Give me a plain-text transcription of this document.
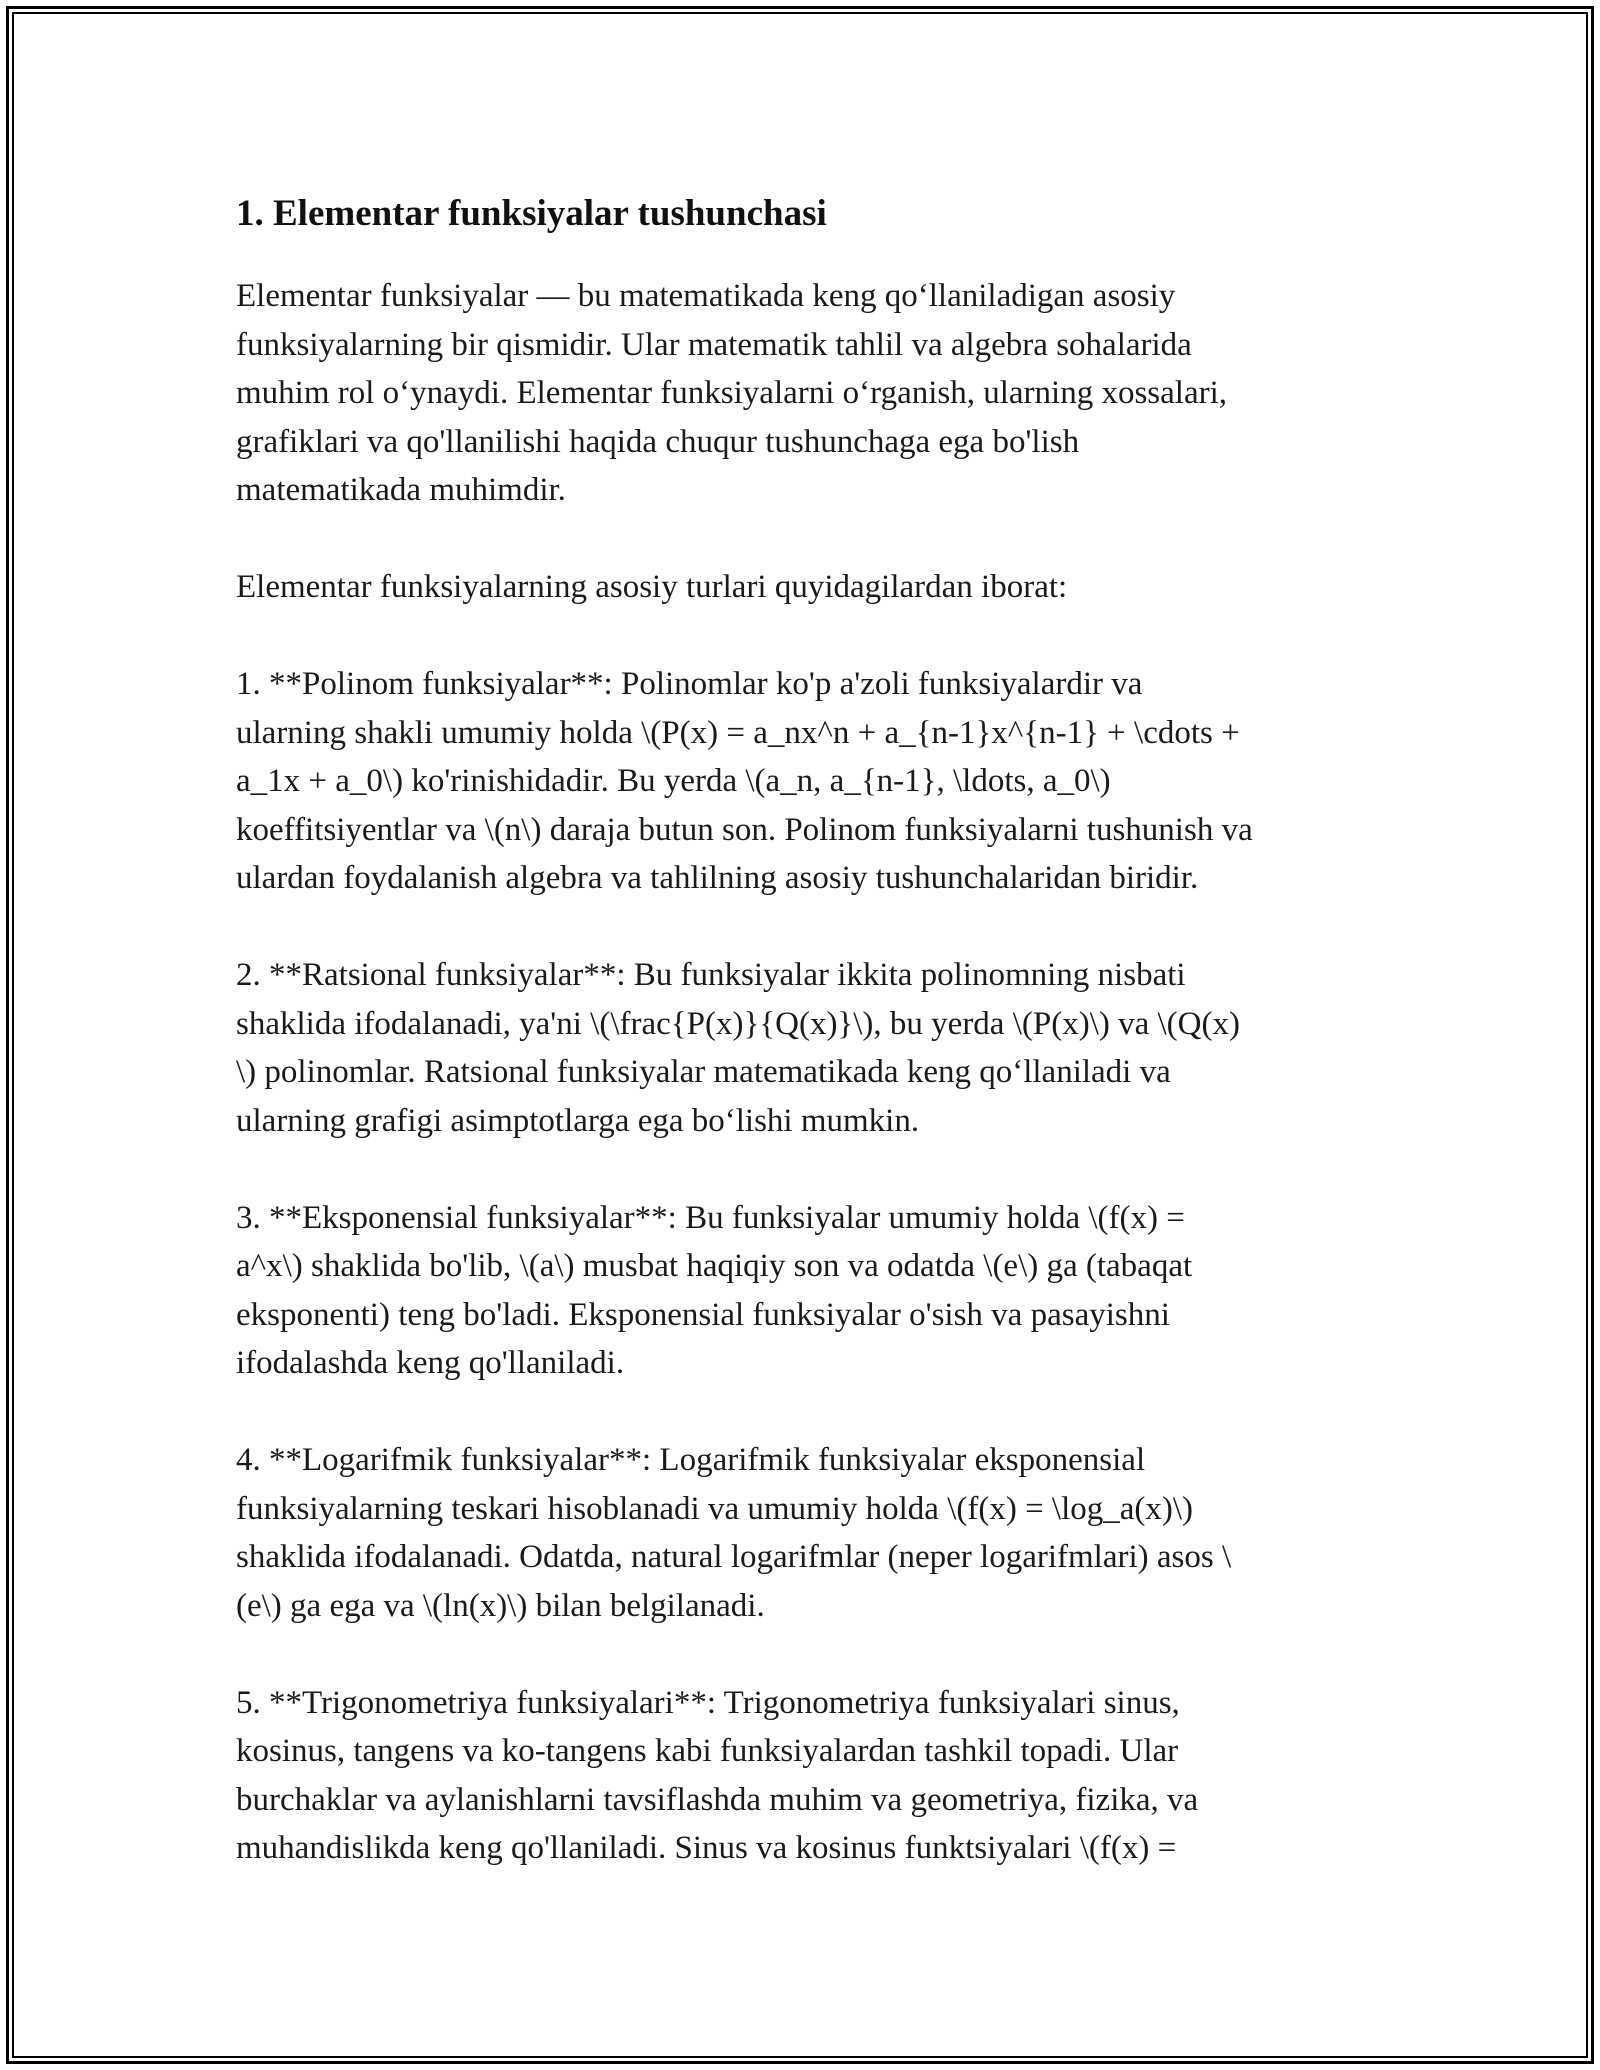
1. Elementar funksiyalar tushunchasi

Elementar funksiyalar — bu matematikada keng qoʻllaniladigan asosiy
funksiyalarning bir qismidir. Ular matematik tahlil va algebra sohalarida
muhim rol oʻynaydi. Elementar funksiyalarni oʻrganish, ularning xossalari,
grafiklari va qo'llanilishi haqida chuqur tushunchaga ega bo'lish
matematikada muhimdir.

Elementar funksiyalarning asosiy turlari quyidagilardan iborat:

1. **Polinom funksiyalar**: Polinomlar ko'p a'zoli funksiyalardir va
ularning shakli umumiy holda \(P(x) = a_nx^n + a_{n-1}x^{n-1} + \cdots +
a_1x + a_0\) ko'rinishidadir. Bu yerda \(a_n, a_{n-1}, \ldots, a_0\)
koeffitsiyentlar va \(n\) daraja butun son. Polinom funksiyalarni tushunish va
ulardan foydalanish algebra va tahlilning asosiy tushunchalaridan biridir.

2. **Ratsional funksiyalar**: Bu funksiyalar ikkita polinomning nisbati
shaklida ifodalanadi, ya'ni \(\frac{P(x)}{Q(x)}\), bu yerda \(P(x)\) va \(Q(x)
\) polinomlar. Ratsional funksiyalar matematikada keng qoʻllaniladi va
ularning grafigi asimptotlarga ega boʻlishi mumkin.

3. **Eksponensial funksiyalar**: Bu funksiyalar umumiy holda \(f(x) =
a^x\) shaklida bo'lib, \(a\) musbat haqiqiy son va odatda \(e\) ga (tabaqat
eksponenti) teng bo'ladi. Eksponensial funksiyalar o'sish va pasayishni
ifodalashda keng qo'llaniladi.

4. **Logarifmik funksiyalar**: Logarifmik funksiyalar eksponensial
funksiyalarning teskari hisoblanadi va umumiy holda \(f(x) = \log_a(x)\)
shaklida ifodalanadi. Odatda, natural logarifmlar (neper logarifmlari) asos \
(e\) ga ega va \(ln(x)\) bilan belgilanadi.

5. **Trigonometriya funksiyalari**: Trigonometriya funksiyalari sinus,
kosinus, tangens va ko-tangens kabi funksiyalardan tashkil topadi. Ular
burchaklar va aylanishlarni tavsiflashda muhim va geometriya, fizika, va
muhandislikda keng qo'llaniladi. Sinus va kosinus funktsiyalari \(f(x) =
